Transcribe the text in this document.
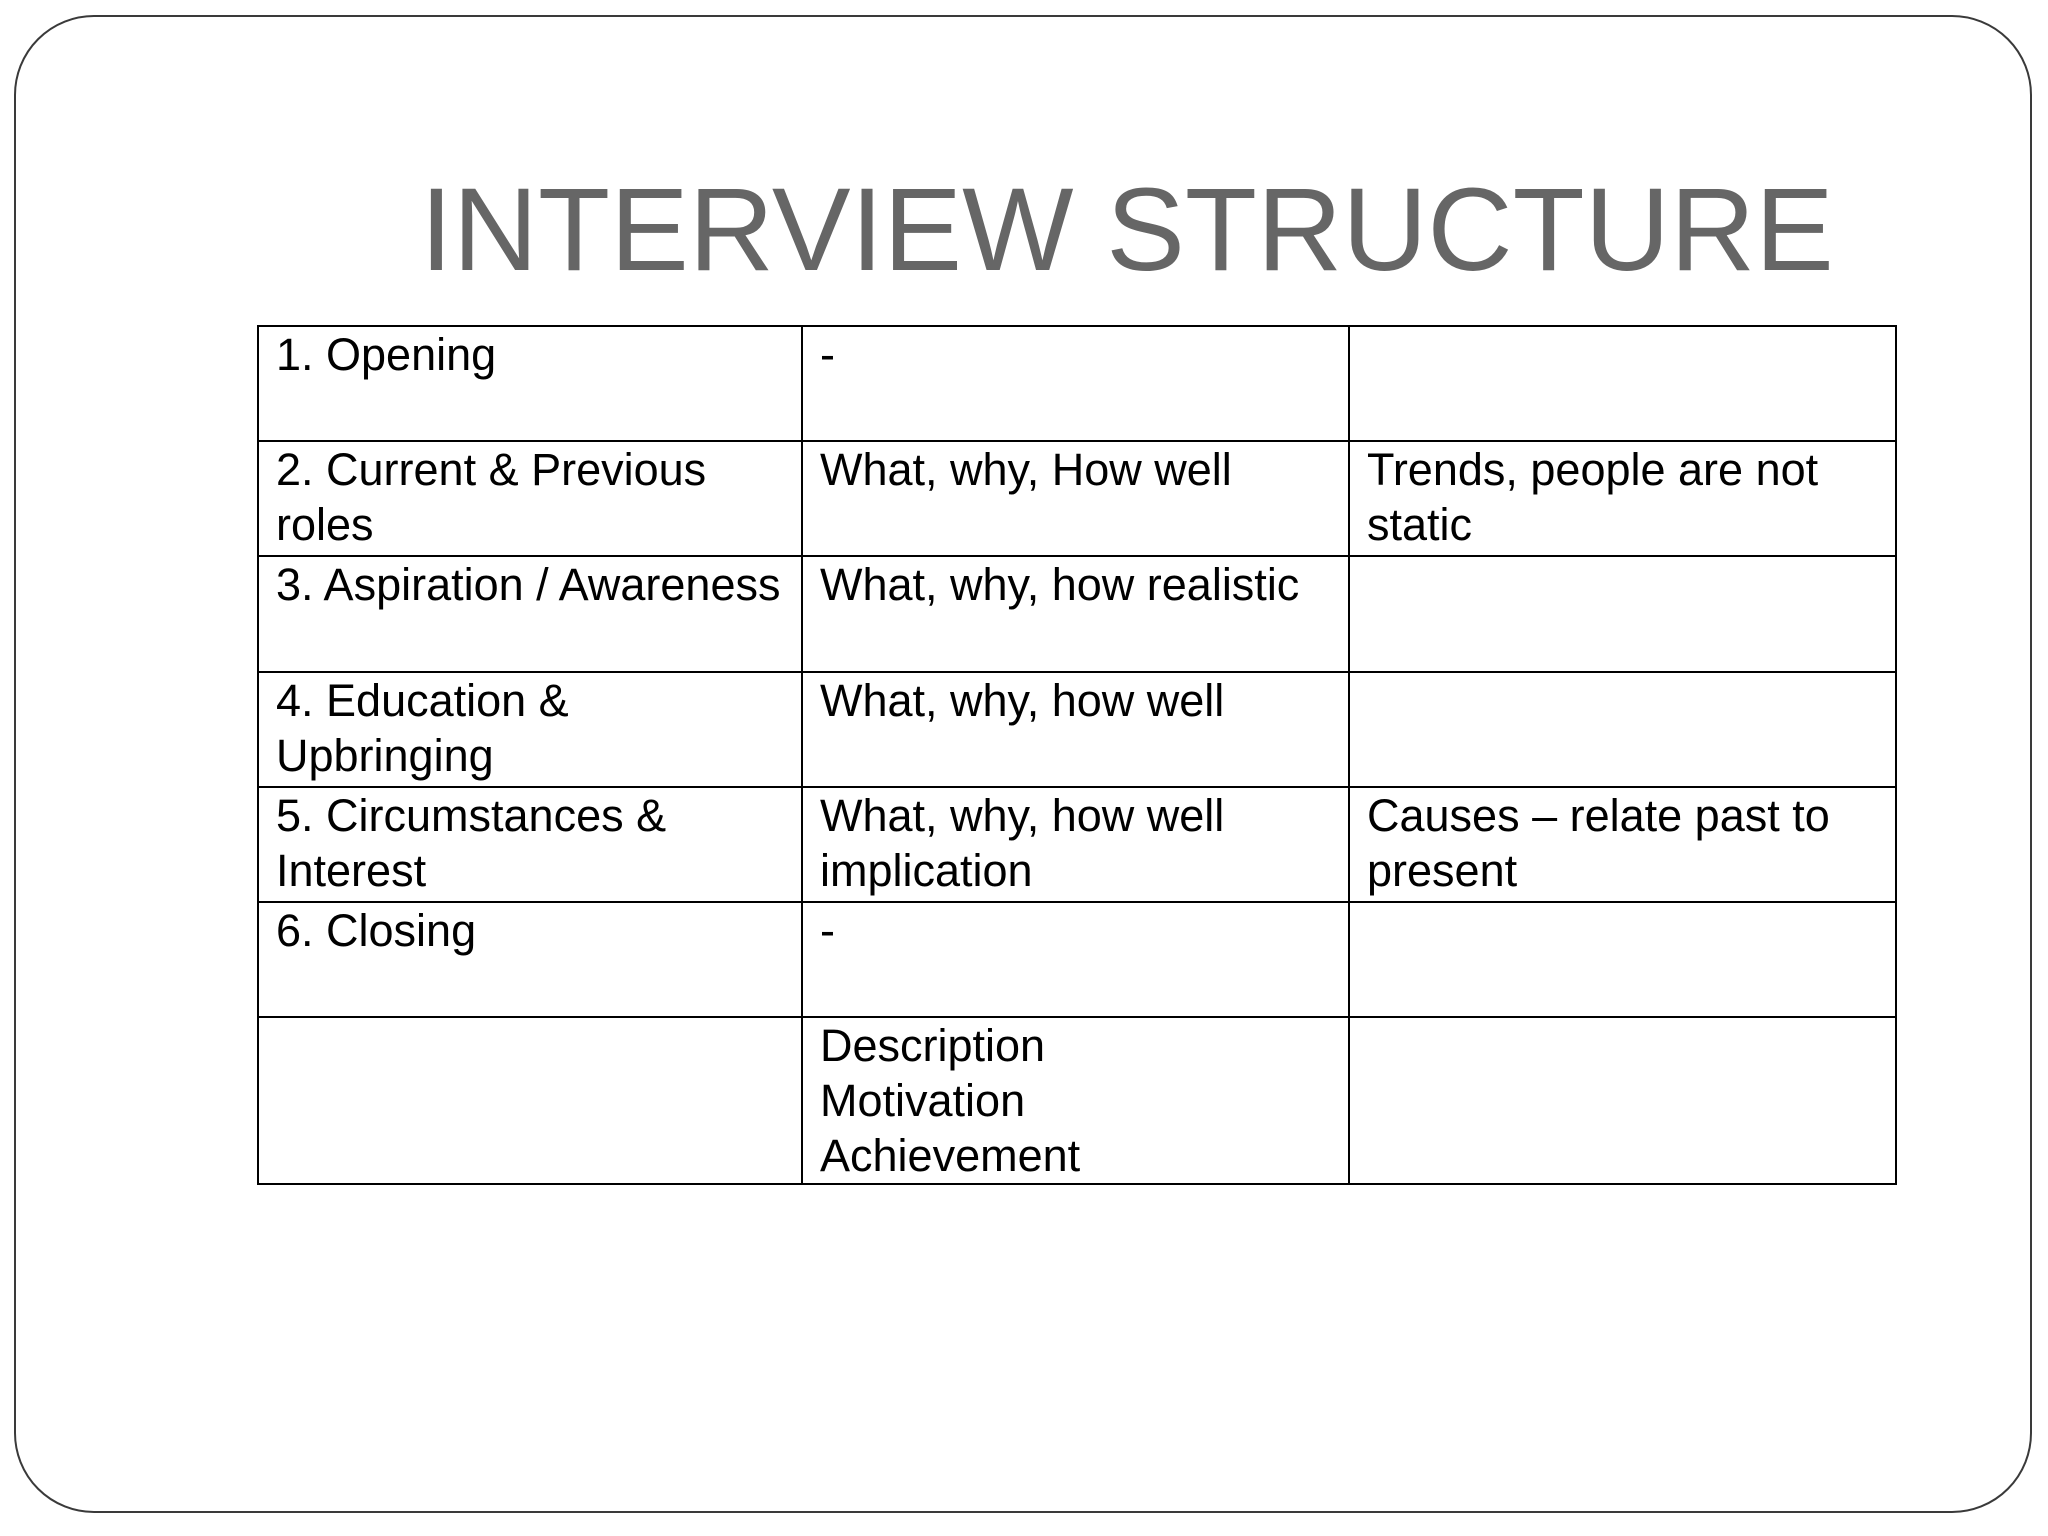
INTERVIEW STRUCTURE
1. Opening	-	

2. Current & Previous roles	What, why, How well	Trends, people are not static

3. Aspiration / Awareness	What, why, how realistic	

4. Education & Upbringing	What, why, how well	

5. Circumstances & Interest	What, why, how well implication	Causes – relate past to present

6. Closing	-	

	Description
Motivation
Achievement	
